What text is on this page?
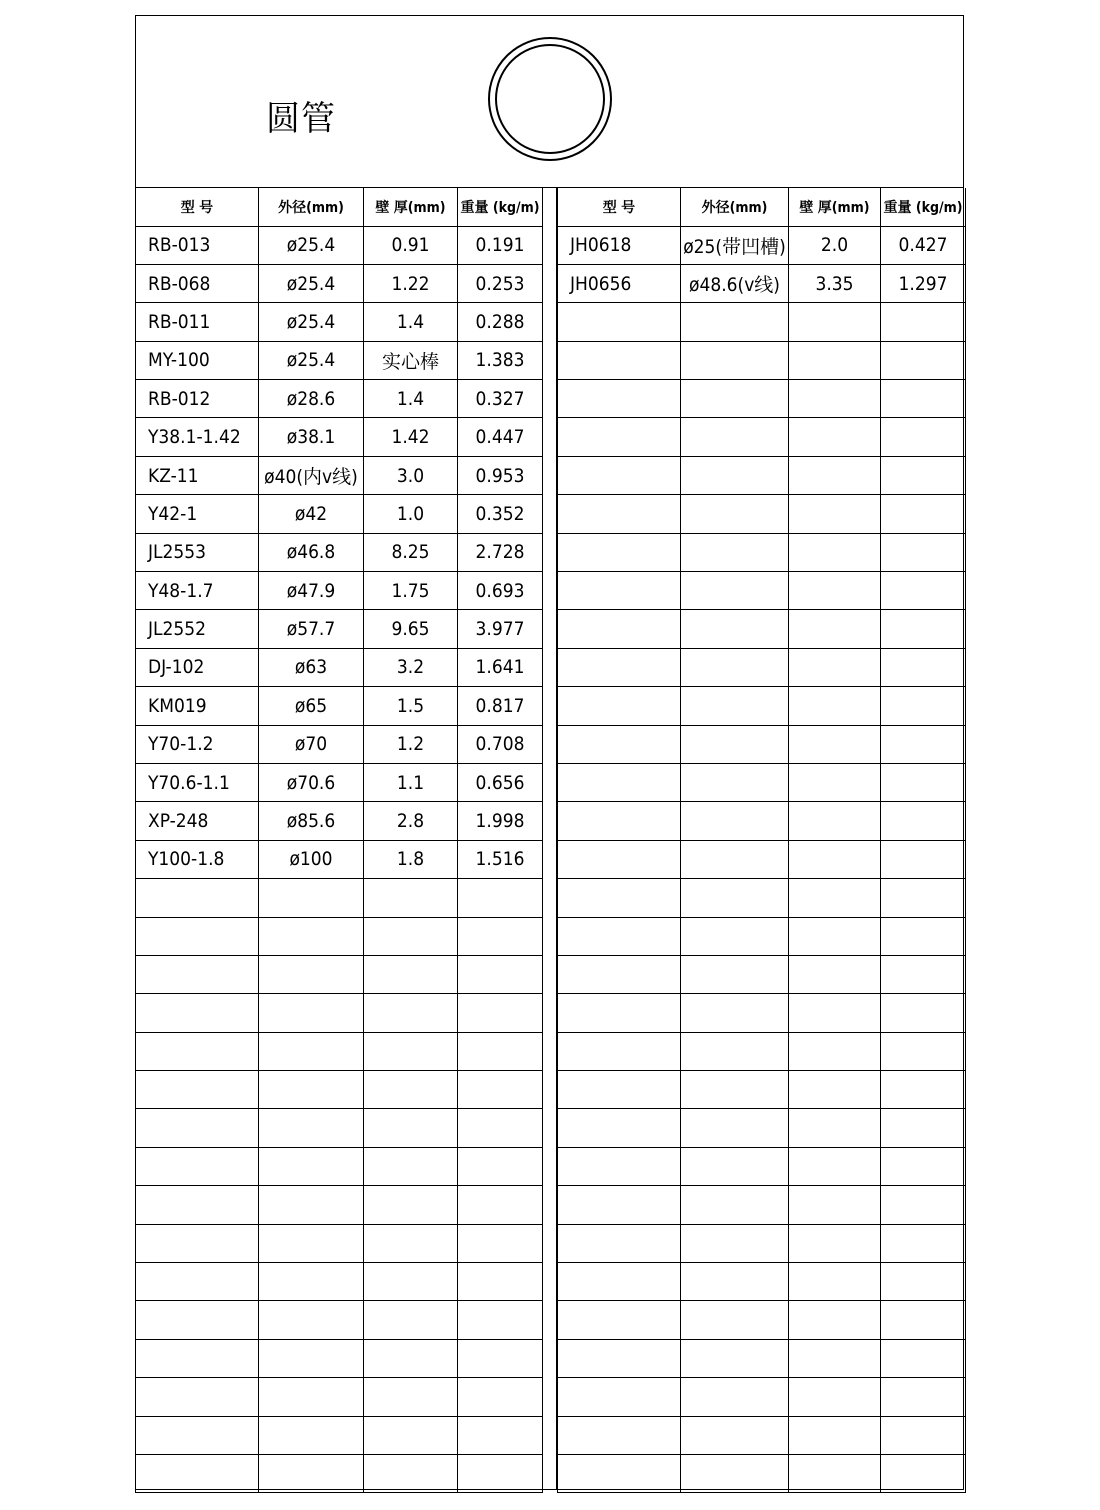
圆管
型 号	外径(mm)	壁 厚(mm)	重量 (kg/m)
RB-013	ø25.4	0.91	0.191
RB-068	ø25.4	1.22	0.253
RB-011	ø25.4	1.4	0.288
MY-100	ø25.4	实心棒	1.383
RB-012	ø28.6	1.4	0.327
Y38.1-1.42	ø38.1	1.42	0.447
KZ-11	ø40(内v线)	3.0	0.953
Y42-1	ø42	1.0	0.352
JL2553	ø46.8	8.25	2.728
Y48-1.7	ø47.9	1.75	0.693
JL2552	ø57.7	9.65	3.977
DJ-102	ø63	3.2	1.641
KM019	ø65	1.5	0.817
Y70-1.2	ø70	1.2	0.708
Y70.6-1.1	ø70.6	1.1	0.656
XP-248	ø85.6	2.8	1.998
Y100-1.8	ø100	1.8	1.516

型 号	外径(mm)	壁 厚(mm)	重量 (kg/m)
JH0618	ø25(带凹槽)	2.0	0.427
JH0656	ø48.6(v线)	3.35	1.297
